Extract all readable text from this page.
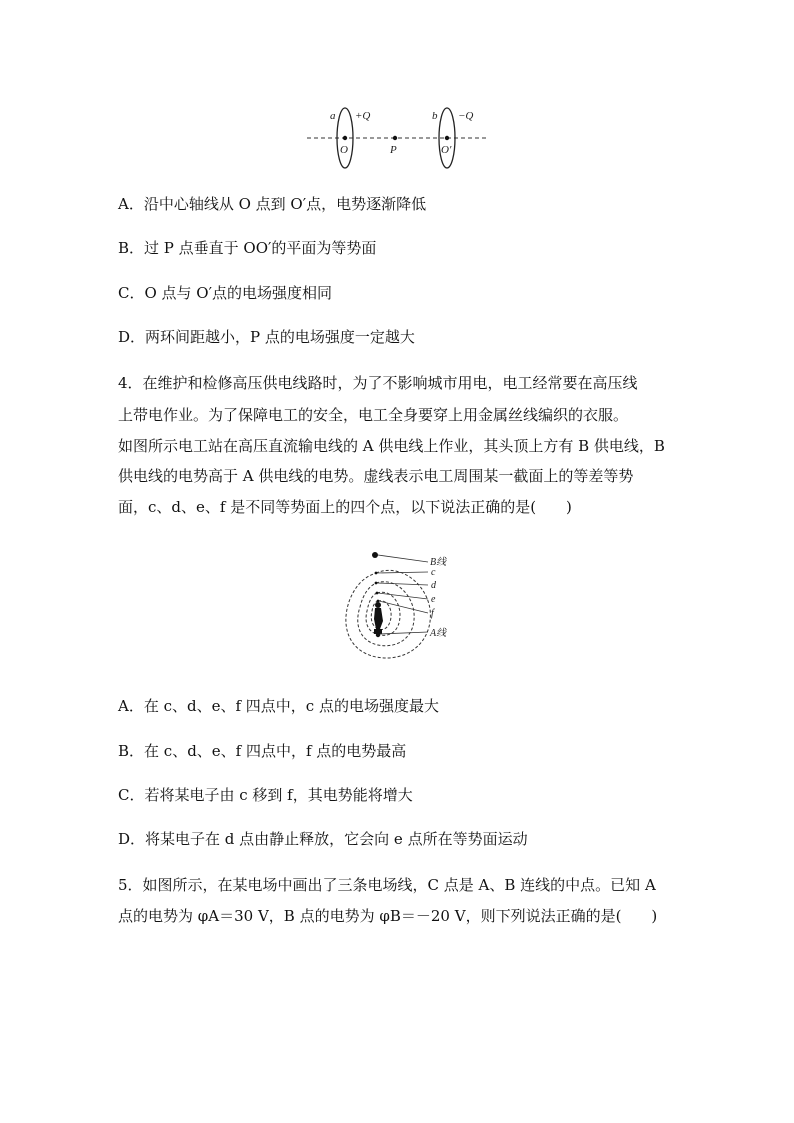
a +Q	b −Q
O	P	O′
A．沿中心轴线从 O 点到 O′点，电势逐渐降低
B．过 P 点垂直于 OO′的平面为等势面
C．O 点与 O′点的电场强度相同
D．两环间距越小，P 点的电场强度一定越大
4．在维护和检修高压供电线路时，为了不影响城市用电，电工经常要在高压线
上带电作业。为了保障电工的安全，电工全身要穿上用金属丝线编织的衣服。
如图所示电工站在高压直流输电线的 A 供电线上作业，其头顶上方有 B 供电线，B
供电线的电势高于 A 供电线的电势。虚线表示电工周围某一截面上的等差等势
面，c、d、e、f 是不同等势面上的四个点，以下说法正确的是(　　)
B线
c
d
e
f
A线
A．在 c、d、e、f 四点中，c 点的电场强度最大
B．在 c、d、e、f 四点中，f 点的电势最高
C．若将某电子由 c 移到 f，其电势能将增大
D．将某电子在 d 点由静止释放，它会向 e 点所在等势面运动
5．如图所示，在某电场中画出了三条电场线，C 点是 A、B 连线的中点。已知 A
点的电势为 φA＝30 V，B 点的电势为 φB＝－20 V，则下列说法正确的是(　　)
